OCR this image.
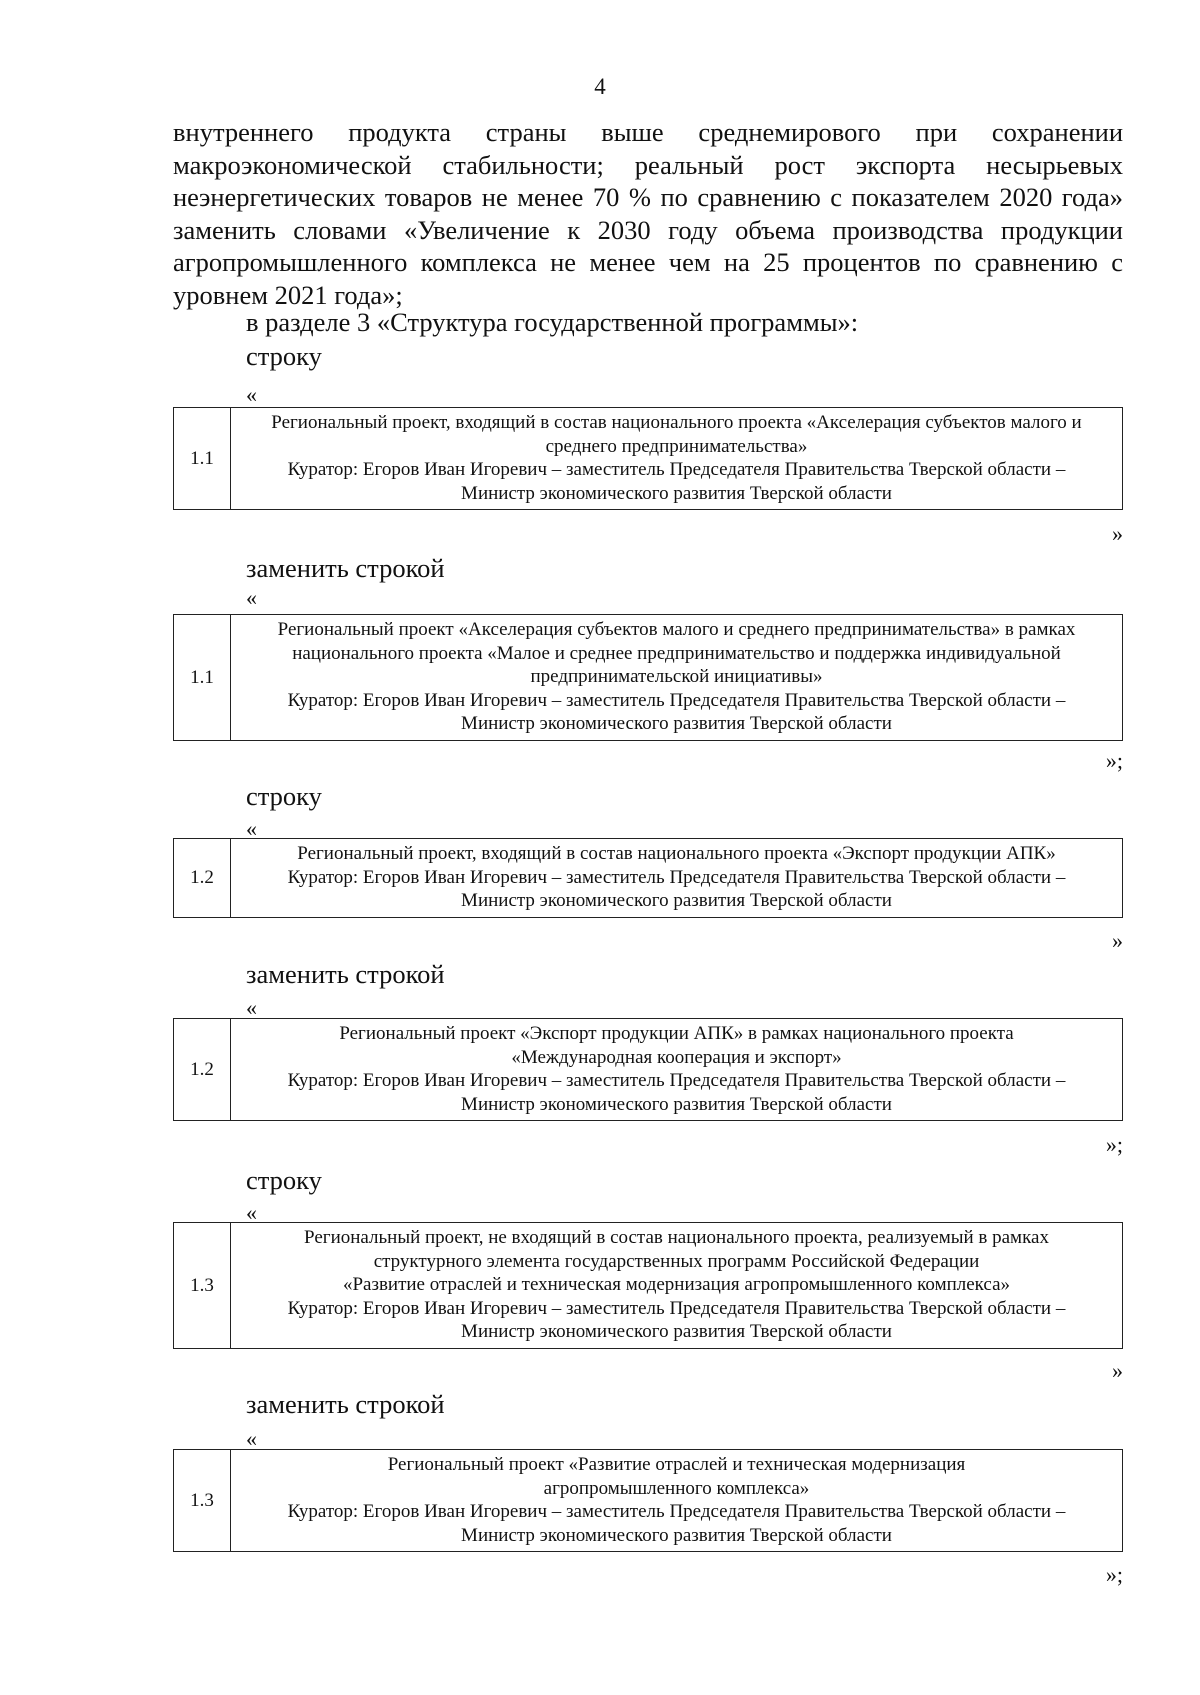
4

внутреннего продукта страны выше среднемирового при сохранении макроэкономической стабильности; реальный рост экспорта несырьевых неэнергетических товаров не менее 70 % по сравнению с показателем 2020 года» заменить словами «Увеличение к 2030 году объема производства продукции агропромышленного комплекса не менее чем на 25 процентов по сравнению с уровнем 2021 года»;

в разделе 3 «Структура государственной программы»:
строку
«
1.1	
Региональный проект, входящий в состав национального проекта «Акселерация субъектов малого и
среднего предпринимательства»
Куратор: Егоров Иван Игоревич – заместитель Председателя Правительства Тверской области –
Министр экономического развития Тверской области
»
заменить строкой
«
1.1	
Региональный проект «Акселерация субъектов малого и среднего предпринимательства» в рамках
национального проекта «Малое и среднее предпринимательство и поддержка индивидуальной
предпринимательской инициативы»
Куратор: Егоров Иван Игоревич – заместитель Председателя Правительства Тверской области –
Министр экономического развития Тверской области
»;
строку
«
1.2	
Региональный проект, входящий в состав национального проекта «Экспорт продукции АПК»
Куратор: Егоров Иван Игоревич – заместитель Председателя Правительства Тверской области –
Министр экономического развития Тверской области
»
заменить строкой
«
1.2	
Региональный проект «Экспорт продукции АПК» в рамках национального проекта
«Международная кооперация и экспорт»
Куратор: Егоров Иван Игоревич – заместитель Председателя Правительства Тверской области –
Министр экономического развития Тверской области
»;
строку
«
1.3	
Региональный проект, не входящий в состав национального проекта, реализуемый в рамках
структурного элемента государственных программ Российской Федерации
«Развитие отраслей и техническая модернизация агропромышленного комплекса»
Куратор: Егоров Иван Игоревич – заместитель Председателя Правительства Тверской области –
Министр экономического развития Тверской области
»
заменить строкой
«
1.3	
Региональный проект «Развитие отраслей и техническая модернизация
агропромышленного комплекса»
Куратор: Егоров Иван Игоревич – заместитель Председателя Правительства Тверской области –
Министр экономического развития Тверской области
»;
